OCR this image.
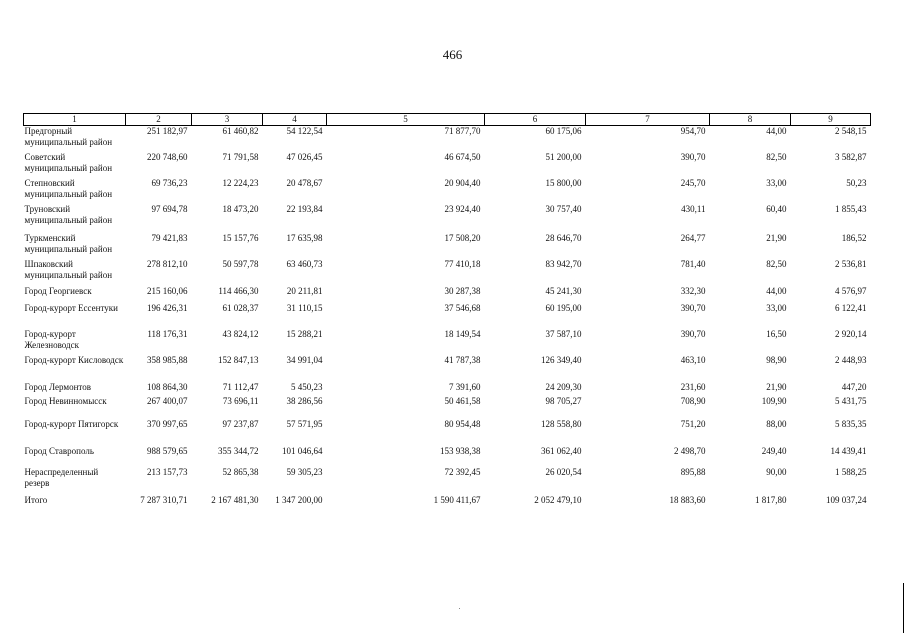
466
1	2	3	4	5	6	7	8	9
Предгорный муниципальный район	251 182,97	61 460,82	54 122,54	71 877,70	60 175,06	954,70	44,00	2 548,15
Советский муниципальный район	220 748,60	71 791,58	47 026,45	46 674,50	51 200,00	390,70	82,50	3 582,87
Степновский муниципальный район	69 736,23	12 224,23	20 478,67	20 904,40	15 800,00	245,70	33,00	50,23
Труновский муниципальный район	97 694,78	18 473,20	22 193,84	23 924,40	30 757,40	430,11	60,40	1 855,43
Туркменский муниципальный район	79 421,83	15 157,76	17 635,98	17 508,20	28 646,70	264,77	21,90	186,52
Шпаковский муниципальный район	278 812,10	50 597,78	63 460,73	77 410,18	83 942,70	781,40	82,50	2 536,81
Город Георгиевск	215 160,06	114 466,30	20 211,81	30 287,38	45 241,30	332,30	44,00	4 576,97
Город-курорт Ессентуки	196 426,31	61 028,37	31 110,15	37 546,68	60 195,00	390,70	33,00	6 122,41
Город-курорт Железноводск	118 176,31	43 824,12	15 288,21	18 149,54	37 587,10	390,70	16,50	2 920,14
Город-курорт Кисловодск	358 985,88	152 847,13	34 991,04	41 787,38	126 349,40	463,10	98,90	2 448,93
Город Лермонтов	108 864,30	71 112,47	5 450,23	7 391,60	24 209,30	231,60	21,90	447,20
Город Невинномысск	267 400,07	73 696,11	38 286,56	50 461,58	98 705,27	708,90	109,90	5 431,75
Город-курорт Пятигорск	370 997,65	97 237,87	57 571,95	80 954,48	128 558,80	751,20	88,00	5 835,35
Город Ставрополь	988 579,65	355 344,72	101 046,64	153 938,38	361 062,40	2 498,70	249,40	14 439,41
Нераспределенный резерв	213 157,73	52 865,38	59 305,23	72 392,45	26 020,54	895,88	90,00	1 588,25
Итого	7 287 310,71	2 167 481,30	1 347 200,00	1 590 411,67	2 052 479,10	18 883,60	1 817,80	109 037,24
